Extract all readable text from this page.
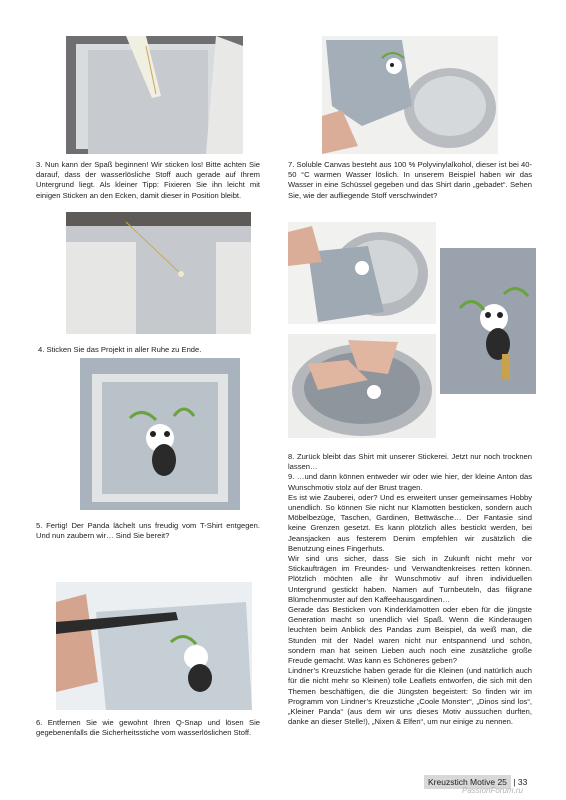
3. Nun kann der Spaß beginnen! Wir sticken los! Bitte achten Sie darauf, dass der wasserlösliche Stoff auch gerade auf Ihrem Untergrund liegt. Als kleiner Tipp: Fixieren Sie ihn leicht mit einigen Sticken an den Ecken, damit dieser in Position bleibt.

4. Sticken Sie das Projekt in aller Ruhe zu Ende.

5. Fertig! Der Panda lächelt uns freudig vom T-Shirt entgegen. Und nun zaubern wir… Sind Sie bereit?

6. Entfernen Sie wie gewohnt Ihren Q-Snap und lösen Sie gegebenenfalls die Sicherheitsstiche vom wasserlöslichen Stoff.

7. Soluble Canvas besteht aus 100 % Polyvinylalkohol, dieser ist bei 40-50 °C warmen Wasser löslich. In unserem Beispiel haben wir das Wasser in eine Schüssel gegeben und das Shirt darin „gebadet“. Sehen Sie, wie der aufliegende Stoff verschwindet?

8. Zurück bleibt das Shirt mit unserer Stickerei. Jetzt nur noch trocknen lassen…

9. …und dann können entweder wir oder wie hier, der kleine Anton das Wunschmotiv stolz auf der Brust tragen.

Es ist wie Zauberei, oder? Und es erweitert unser gemeinsames Hobby unendlich. So können Sie nicht nur Klamotten besticken, sondern auch Möbelbezüge, Taschen, Gardinen, Bettwäsche… Der Fantasie sind keine Grenzen gesetzt. Es kann plötzlich alles bestickt werden, bei Jeansjacken aus festerem Denim empfehlen wir zusätzlich die Benutzung eines Fingerhuts.

Wir sind uns sicher, dass Sie sich in Zukunft nicht mehr vor Stickaufträgen im Freundes- und Verwandtenkreises retten können. Plötzlich möchten alle ihr Wunschmotiv auf ihren individuellen Untergrund gestickt haben. Namen auf Turnbeuteln, das filigrane Blümchenmuster auf den Kaffeehausgardinen…

Gerade das Besticken von Kinderklamotten oder eben für die jüngste Generation macht so unendlich viel Spaß. Wenn die Kinderaugen leuchten beim Anblick des Pandas zum Beispiel, da weiß man, die Stunden mit der Nadel waren nicht nur entspannend und schön, sondern man hat seinen Lieben auch noch eine zusätzliche große Freude gemacht. Was kann es Schöneres geben?

Lindner’s Kreuzstiche haben gerade für die Kleinen (und natürlich auch für die nicht mehr so Kleinen) tolle Leaflets entworfen, die sich mit den Themen beschäftigen, die die Jüngsten begeistert: So finden wir im Programm von Lindner’s Kreuzstiche „Coole Monster“, „Dinos sind los“, „Kleiner Panda“ (aus dem wir uns dieses Motiv aussuchen durften, danke an dieser Stelle!), „Nixen & Elfen“, um nur einige zu nennen.

Kreuzstich Motive 25 | 33
PassionForum.ru
